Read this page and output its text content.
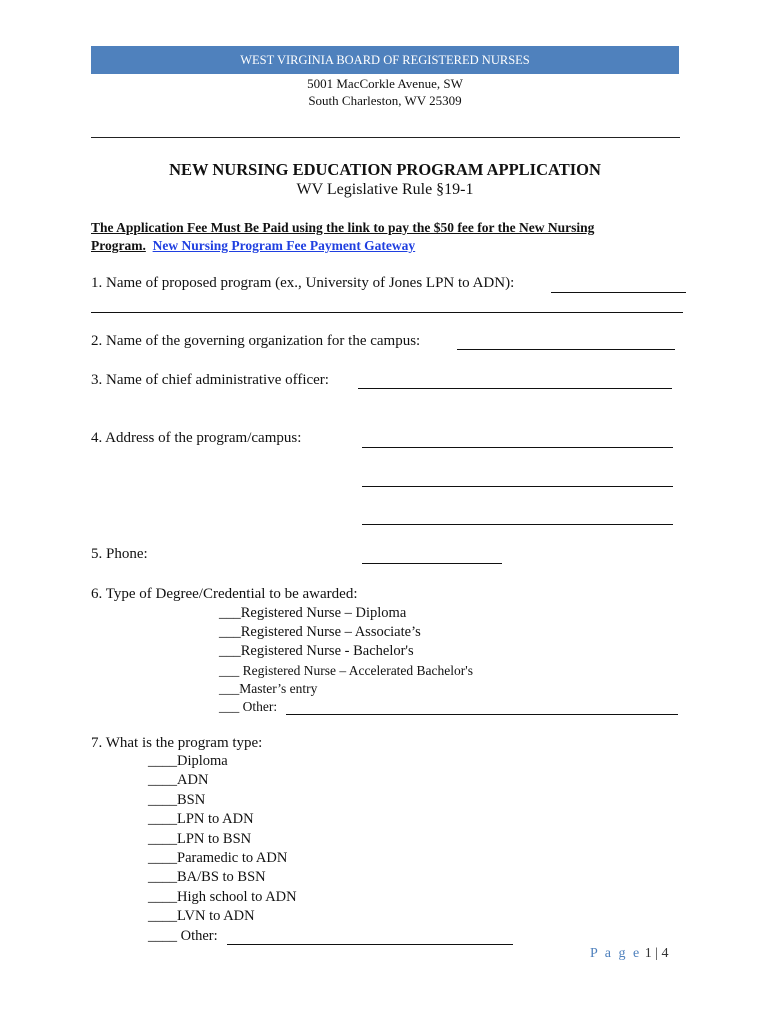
WEST VIRGINIA BOARD OF REGISTERED NURSES
5001 MacCorkle Avenue, SW
South Charleston, WV 25309
NEW NURSING EDUCATION PROGRAM APPLICATION
WV Legislative Rule §19-1
The Application Fee Must Be Paid using the link to pay the $50 fee for the New Nursing
Program. New Nursing Program Fee Payment Gateway
1. Name of proposed program (ex., University of Jones LPN to ADN):
2. Name of the governing organization for the campus:
3. Name of chief administrative officer:
4. Address of the program/campus:
5. Phone:
6. Type of Degree/Credential to be awarded:
___Registered Nurse – Diploma
___Registered Nurse – Associate’s
___Registered Nurse - Bachelor's
___ Registered Nurse – Accelerated Bachelor's
___Master’s entry
___ Other:
7. What is the program type:
____Diploma
____ADN
____BSN
____LPN to ADN
____LPN to BSN
____Paramedic to ADN
____BA/BS to BSN
____High school to ADN
____LVN to ADN
____ Other:
P a g e 1 | 4
